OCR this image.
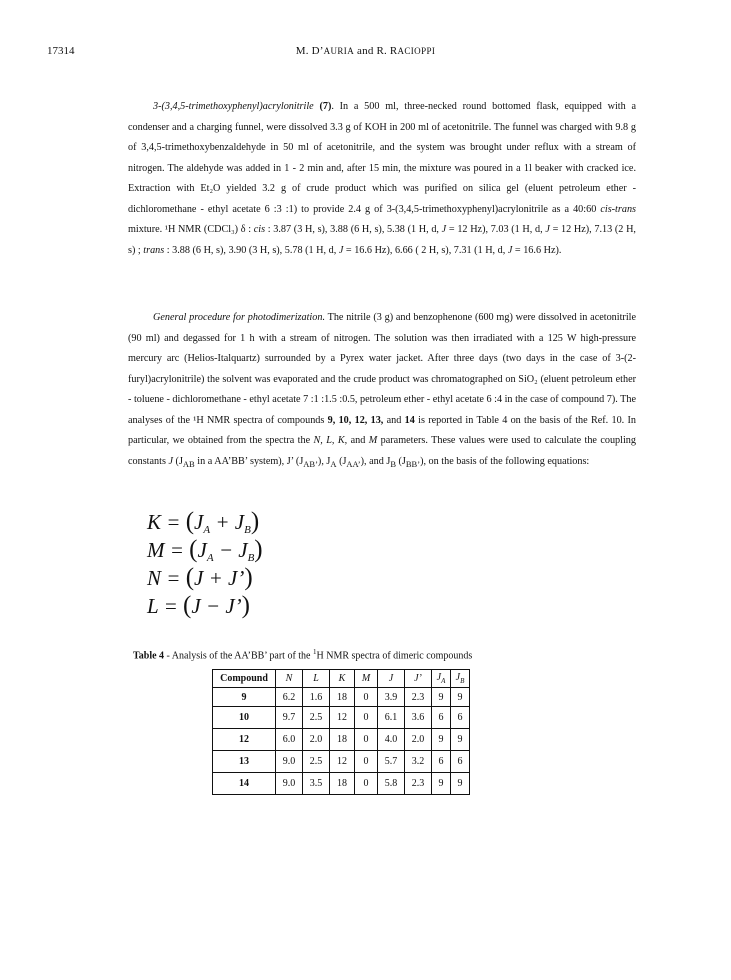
17314	M. D’AURIA and R. RACIOPPI
3-(3,4,5-trimethoxyphenyl)acrylonitrile (7). In a 500 ml, three-necked round bottomed flask, equipped with a condenser and a charging funnel, were dissolved 3.3 g of KOH in 200 ml of acetonitrile. The funnel was charged with 9.8 g of 3,4,5-trimethoxybenzaldehyde in 50 ml of acetonitrile, and the system was brought under reflux with a stream of nitrogen. The aldehyde was added in 1 - 2 min and, after 15 min, the mixture was poured in a 1l beaker with cracked ice. Extraction with Et₂O yielded 3.2 g of crude product which was purified on silica gel (eluent petroleum ether - dichloromethane - ethyl acetate 6 :3 :1) to provide 2.4 g of 3-(3,4,5-trimethoxyphenyl)acrylonitrile as a 40:60 cis-trans mixture. ¹H NMR (CDCl₃) δ : cis : 3.87 (3 H, s), 3.88 (6 H, s), 5.38 (1 H, d, J = 12 Hz), 7.03 (1 H, d, J = 12 Hz), 7.13 (2 H, s) ; trans : 3.88 (6 H, s), 3.90 (3 H, s), 5.78 (1 H, d, J = 16.6 Hz), 6.66 ( 2 H, s), 7.31 (1 H, d, J = 16.6 Hz).
General procedure for photodimerization. The nitrile (3 g) and benzophenone (600 mg) were dissolved in acetonitrile (90 ml) and degassed for 1 h with a stream of nitrogen. The solution was then irradiated with a 125 W high-pressure mercury arc (Helios-Italquartz) surrounded by a Pyrex water jacket. After three days (two days in the case of 3-(2-furyl)acrylonitrile) the solvent was evaporated and the crude product was chromatographed on SiO₂ (eluent petroleum ether - toluene - dichloromethane - ethyl acetate 7 :1 :1.5 :0.5, petroleum ether - ethyl acetate 6 :4 in the case of compound 7). The analyses of the ¹H NMR spectra of compounds 9, 10, 12, 13, and 14 is reported in Table 4 on the basis of the Ref. 10. In particular, we obtained from the spectra the N, L, K, and M parameters. These values were used to calculate the coupling constants J ($J_{AB}$ in a AA’BB’ system), J’ $(J_{AB’})$, $J_A$ $(J_{AA’})$, and $J_B$ $(J_{BB’})$, on the basis of the following equations:
$K = (J_A + J_B)$
$M = (J_A - J_B)$
N = (J + J’)
L = (J − J’)
Table 4 - Analysis of the AA’BB’ part of the $^1$H NMR spectra of dimeric compounds
Compound	N	L	K	M	J	J’	$J_A$	$J_B$
9	6.2	1.6	18	0	3.9	2.3	9	9
10	9.7	2.5	12	0	6.1	3.6	6	6
12	6.0	2.0	18	0	4.0	2.0	9	9
13	9.0	2.5	12	0	5.7	3.2	6	6
14	9.0	3.5	18	0	5.8	2.3	9	9
